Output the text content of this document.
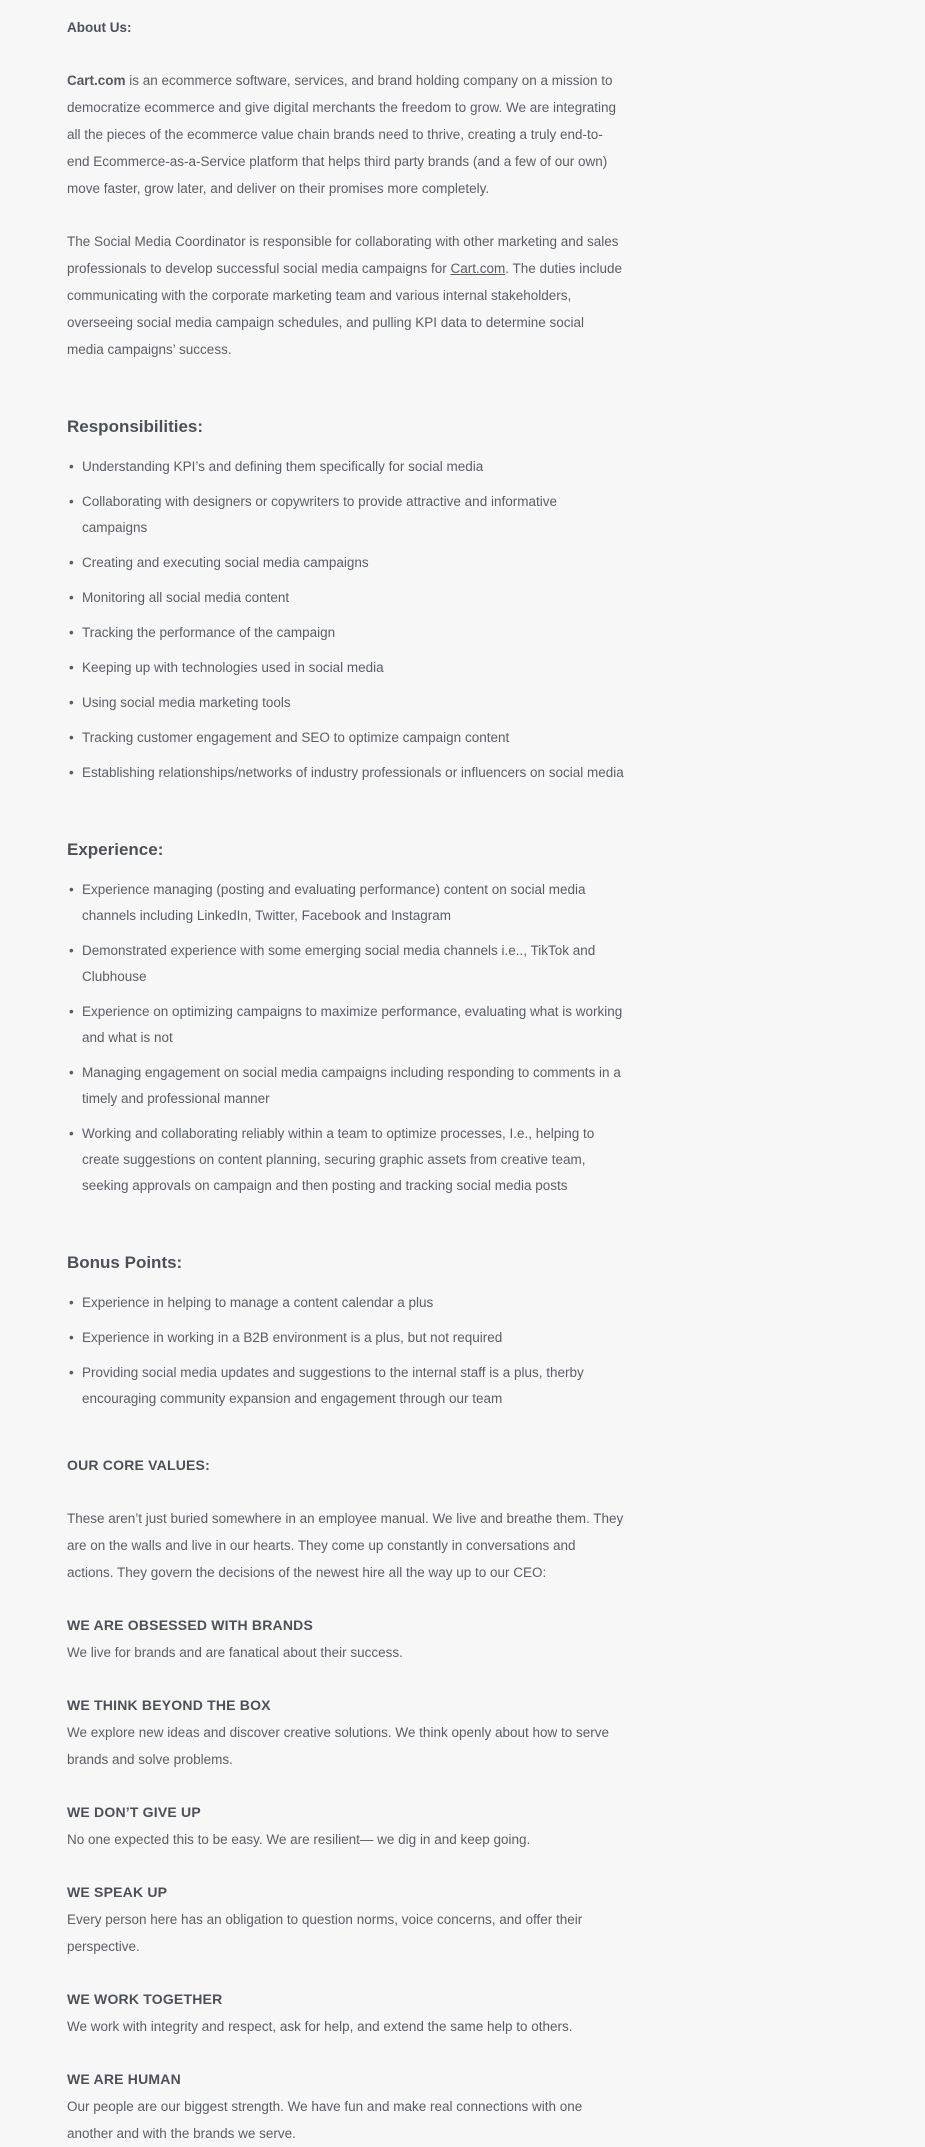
About Us:

Cart.com is an ecommerce software, services, and brand holding company on a mission to democratize ecommerce and give digital merchants the freedom to grow. We are integrating all the pieces of the ecommerce value chain brands need to thrive, creating a truly end-to-end Ecommerce-as-a-Service platform that helps third party brands (and a few of our own) move faster, grow later, and deliver on their promises more completely.

The Social Media Coordinator is responsible for collaborating with other marketing and sales professionals to develop successful social media campaigns for Cart.com. The duties include communicating with the corporate marketing team and various internal stakeholders, overseeing social media campaign schedules, and pulling KPI data to determine social media campaigns’ success.

Responsibilities:
• Understanding KPI’s and defining them specifically for social media
• Collaborating with designers or copywriters to provide attractive and informative campaigns
• Creating and executing social media campaigns
• Monitoring all social media content
• Tracking the performance of the campaign
• Keeping up with technologies used in social media
• Using social media marketing tools
• Tracking customer engagement and SEO to optimize campaign content
• Establishing relationships/networks of industry professionals or influencers on social media
Experience:
• Experience managing (posting and evaluating performance) content on social media channels including LinkedIn, Twitter, Facebook and Instagram
• Demonstrated experience with some emerging social media channels i.e.., TikTok and Clubhouse
• Experience on optimizing campaigns to maximize performance, evaluating what is working and what is not
• Managing engagement on social media campaigns including responding to comments in a timely and professional manner
• Working and collaborating reliably within a team to optimize processes, I.e., helping to create suggestions on content planning, securing graphic assets from creative team, seeking approvals on campaign and then posting and tracking social media posts
Bonus Points:
• Experience in helping to manage a content calendar a plus
• Experience in working in a B2B environment is a plus, but not required
• Providing social media updates and suggestions to the internal staff is a plus, therby encouraging community expansion and engagement through our team
OUR CORE VALUES:

These aren’t just buried somewhere in an employee manual. We live and breathe them. They are on the walls and live in our hearts. They come up constantly in conversations and actions. They govern the decisions of the newest hire all the way up to our CEO:

WE ARE OBSESSED WITH BRANDS
We live for brands and are fanatical about their success.
WE THINK BEYOND THE BOX
We explore new ideas and discover creative solutions. We think openly about how to serve brands and solve problems.
WE DON’T GIVE UP
No one expected this to be easy. We are resilient— we dig in and keep going.
WE SPEAK UP
Every person here has an obligation to question norms, voice concerns, and offer their perspective.
WE WORK TOGETHER
We work with integrity and respect, ask for help, and extend the same help to others.
WE ARE HUMAN
Our people are our biggest strength. We have fun and make real connections with one another and with the brands we serve.
